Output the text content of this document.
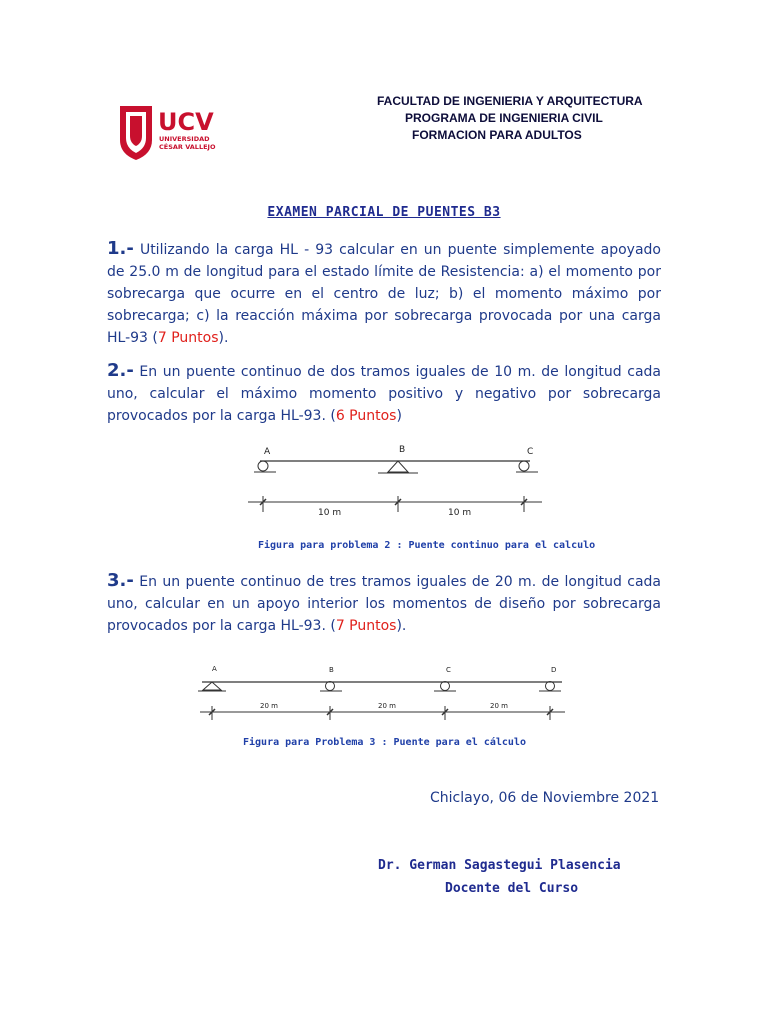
UCV
UNIVERSIDAD
CÉSAR VALLEJO
FACULTAD DE INGENIERIA Y ARQUITECTURA
PROGRAMA DE INGENIERIA CIVIL
FORMACION PARA ADULTOS
EXAMEN PARCIAL DE PUENTES B3
1.- Utilizando la carga HL - 93 calcular en un puente simplemente apoyado de 25.0 m de longitud para el estado límite de Resistencia: a) el momento por sobrecarga que ocurre en el centro de luz; b) el momento máximo por sobrecarga; c) la reacción máxima por sobrecarga provocada por una carga HL-93 (7 Puntos).
2.- En un puente continuo de dos tramos iguales de 10 m. de longitud cada uno, calcular el máximo momento positivo y negativo por sobrecarga provocados por la carga HL-93. (6 Puntos)
A	B	C
10 m	10 m
Figura para problema 2 : Puente continuo para el calculo
3.- En un puente continuo de tres tramos iguales de 20 m. de longitud cada uno, calcular en un apoyo interior los momentos de diseño por sobrecarga provocados por la carga HL-93. (7 Puntos).
A	B	C	D
20 m	20 m	20 m
Figura para Problema 3 : Puente para el cálculo
Chiclayo, 06 de Noviembre 2021
Dr. German Sagastegui Plasencia
Docente del Curso
